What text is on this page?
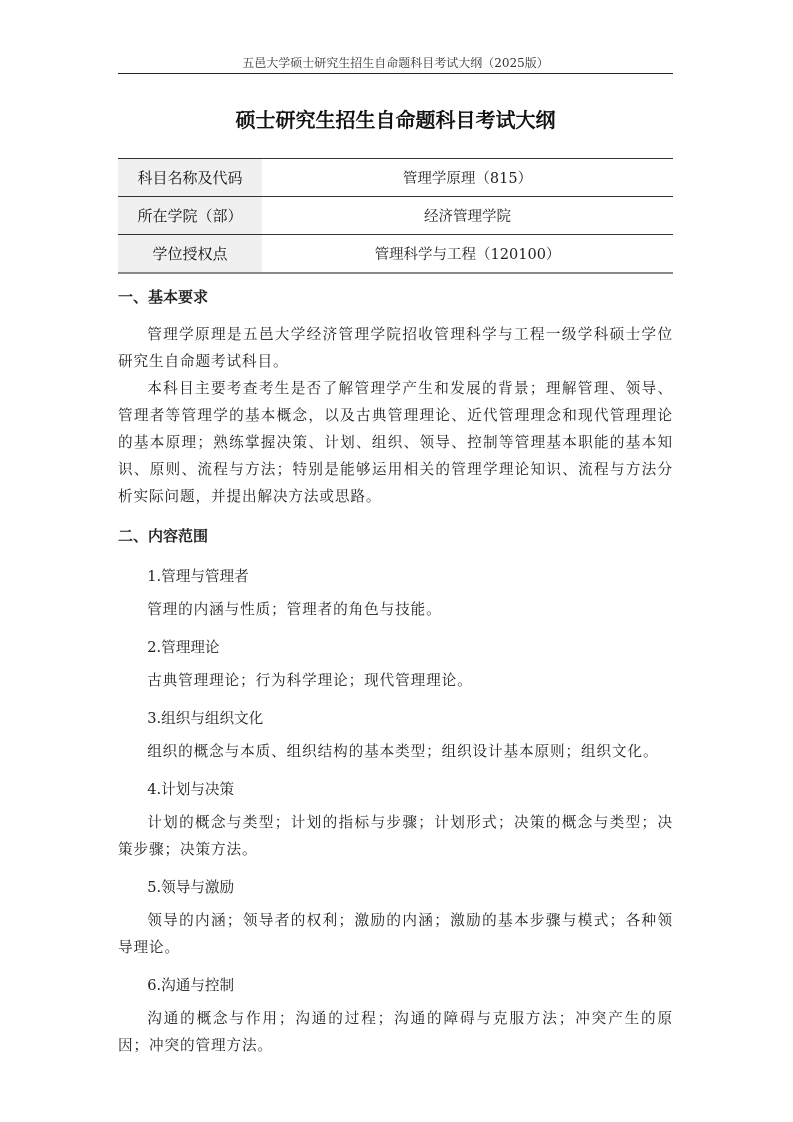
五邑大学硕士研究生招生自命题科目考试大纲（2025版）
硕士研究生招生自命题科目考试大纲
科目名称及代码	管理学原理（815）
所在学院（部）	经济管理学院
学位授权点	管理科学与工程（120100）
一、基本要求

管理学原理是五邑大学经济管理学院招收管理科学与工程一级学科硕士学位研究生自命题考试科目。

本科目主要考查考生是否了解管理学产生和发展的背景；理解管理、领导、管理者等管理学的基本概念，以及古典管理理论、近代管理理念和现代管理理论的基本原理；熟练掌握决策、计划、组织、领导、控制等管理基本职能的基本知识、原则、流程与方法；特别是能够运用相关的管理学理论知识、流程与方法分析实际问题，并提出解决方法或思路。

二、内容范围
1.管理与管理者

管理的内涵与性质；管理者的角色与技能。

2.管理理论

古典管理理论；行为科学理论；现代管理理论。

3.组织与组织文化

组织的概念与本质、组织结构的基本类型；组织设计基本原则；组织文化。

4.计划与决策

计划的概念与类型；计划的指标与步骤；计划形式；决策的概念与类型；决策步骤；决策方法。

5.领导与激励

领导的内涵；领导者的权利；激励的内涵；激励的基本步骤与模式；各种领导理论。

6.沟通与控制

沟通的概念与作用；沟通的过程；沟通的障碍与克服方法；冲突产生的原因；冲突的管理方法。
